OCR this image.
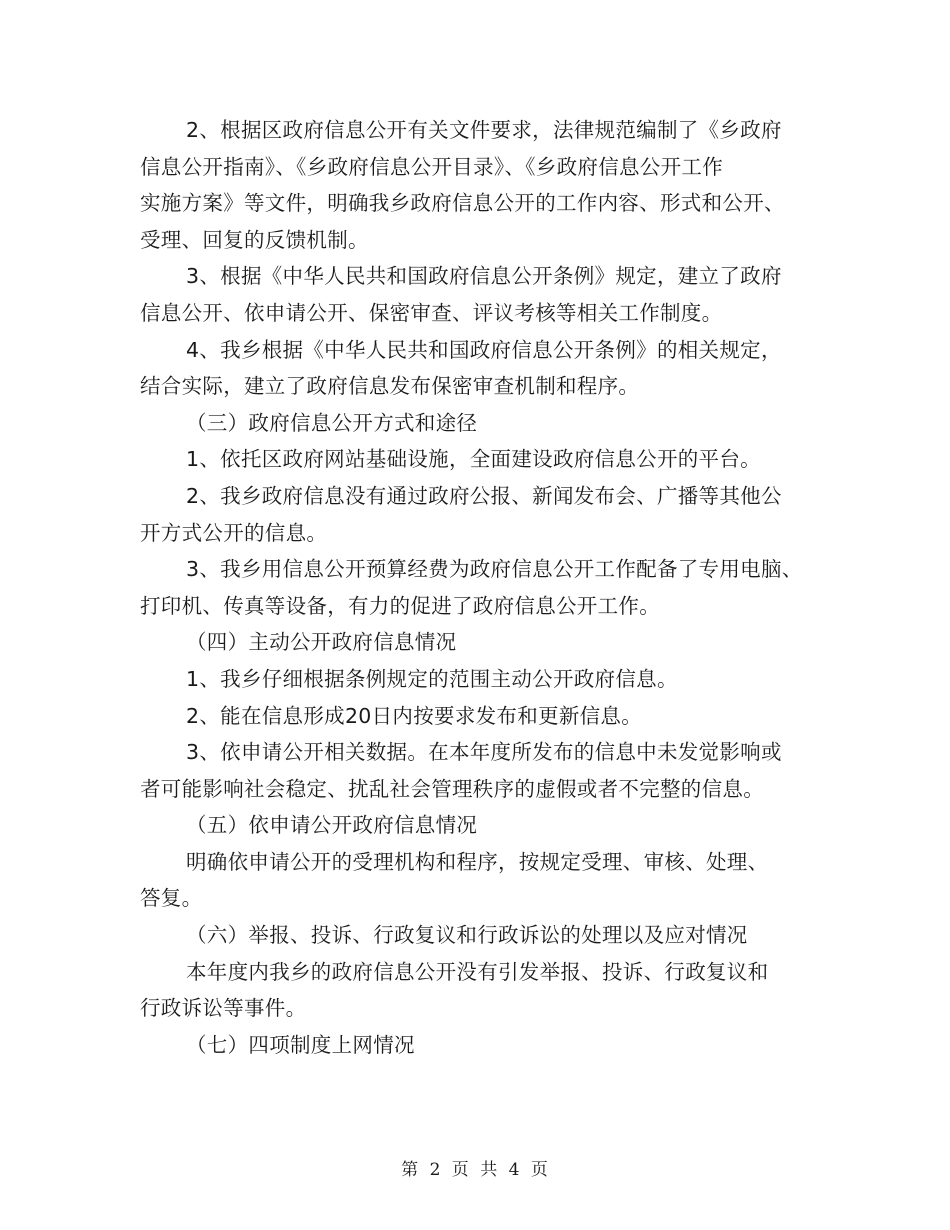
2、根据区政府信息公开有关文件要求，法律规范编制了《乡政府
信息公开指南》、《乡政府信息公开目录》、《乡政府信息公开工作
实施方案》等文件，明确我乡政府信息公开的工作内容、形式和公开、
受理、回复的反馈机制。
3、根据《中华人民共和国政府信息公开条例》规定，建立了政府
信息公开、依申请公开、保密审查、评议考核等相关工作制度。
4、我乡根据《中华人民共和国政府信息公开条例》的相关规定，
结合实际，建立了政府信息发布保密审查机制和程序。
（三）政府信息公开方式和途径
1、依托区政府网站基础设施，全面建设政府信息公开的平台。
2、我乡政府信息没有通过政府公报、新闻发布会、广播等其他公
开方式公开的信息。
3、我乡用信息公开预算经费为政府信息公开工作配备了专用电脑、
打印机、传真等设备，有力的促进了政府信息公开工作。
（四）主动公开政府信息情况
1、我乡仔细根据条例规定的范围主动公开政府信息。
2、能在信息形成20日内按要求发布和更新信息。
3、依申请公开相关数据。在本年度所发布的信息中未发觉影响或
者可能影响社会稳定、扰乱社会管理秩序的虚假或者不完整的信息。
（五）依申请公开政府信息情况
明确依申请公开的受理机构和程序，按规定受理、审核、处理、
答复。
（六）举报、投诉、行政复议和行政诉讼的处理以及应对情况
本年度内我乡的政府信息公开没有引发举报、投诉、行政复议和
行政诉讼等事件。
（七）四项制度上网情况
第 2 页 共 4 页
